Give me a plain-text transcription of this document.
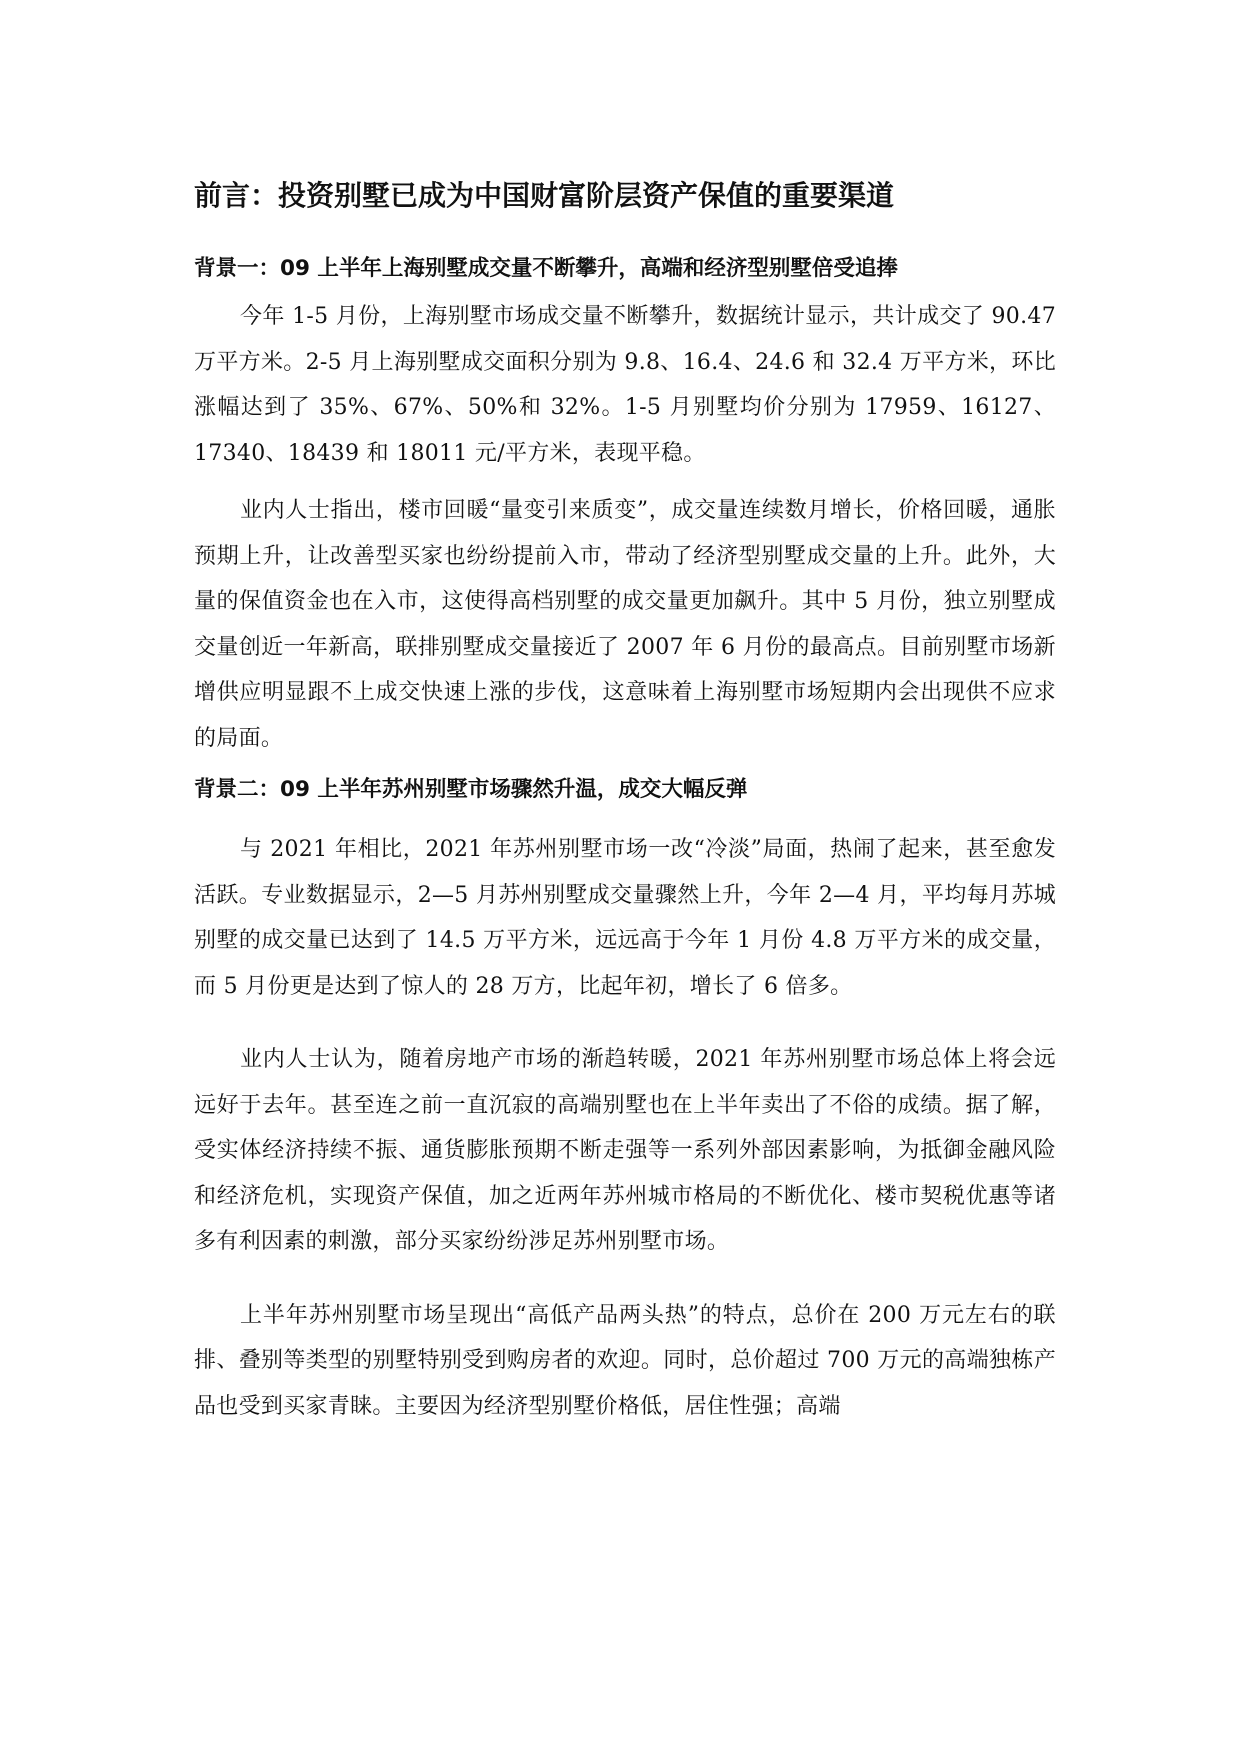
前言：投资别墅已成为中国财富阶层资产保值的重要渠道
背景一：09 上半年上海别墅成交量不断攀升，高端和经济型别墅倍受追捧

今年 1-5 月份，上海别墅市场成交量不断攀升，数据统计显示，共计成交了 90.47 万平方米。2-5 月上海别墅成交面积分别为 9.8、16.4、24.6 和 32.4 万平方米，环比涨幅达到了 35%、67%、50%和 32%。1-5 月别墅均价分别为 17959、16127、17340、18439 和 18011 元/平方米，表现平稳。

业内人士指出，楼市回暖“量变引来质变”，成交量连续数月增长，价格回暖，通胀预期上升，让改善型买家也纷纷提前入市，带动了经济型别墅成交量的上升。此外，大量的保值资金也在入市，这使得高档别墅的成交量更加飙升。其中 5 月份，独立别墅成交量创近一年新高，联排别墅成交量接近了 2007 年 6 月份的最高点。目前别墅市场新增供应明显跟不上成交快速上涨的步伐，这意味着上海别墅市场短期内会出现供不应求的局面。

背景二：09 上半年苏州别墅市场骤然升温，成交大幅反弹

与 2021 年相比，2021 年苏州别墅市场一改“冷淡”局面，热闹了起来，甚至愈发活跃。专业数据显示，2—5 月苏州别墅成交量骤然上升，今年 2—4 月，平均每月苏城别墅的成交量已达到了 14.5 万平方米，远远高于今年 1 月份 4.8 万平方米的成交量，而 5 月份更是达到了惊人的 28 万方，比起年初，增长了 6 倍多。

业内人士认为，随着房地产市场的渐趋转暖，2021 年苏州别墅市场总体上将会远远好于去年。甚至连之前一直沉寂的高端别墅也在上半年卖出了不俗的成绩。据了解，受实体经济持续不振、通货膨胀预期不断走强等一系列外部因素影响，为抵御金融风险和经济危机，实现资产保值，加之近两年苏州城市格局的不断优化、楼市契税优惠等诸多有利因素的刺激，部分买家纷纷涉足苏州别墅市场。

上半年苏州别墅市场呈现出“高低产品两头热”的特点，总价在 200 万元左右的联排、叠别等类型的别墅特别受到购房者的欢迎。同时，总价超过 700 万元的高端独栋产品也受到买家青睐。主要因为经济型别墅价格低，居住性强；高端
